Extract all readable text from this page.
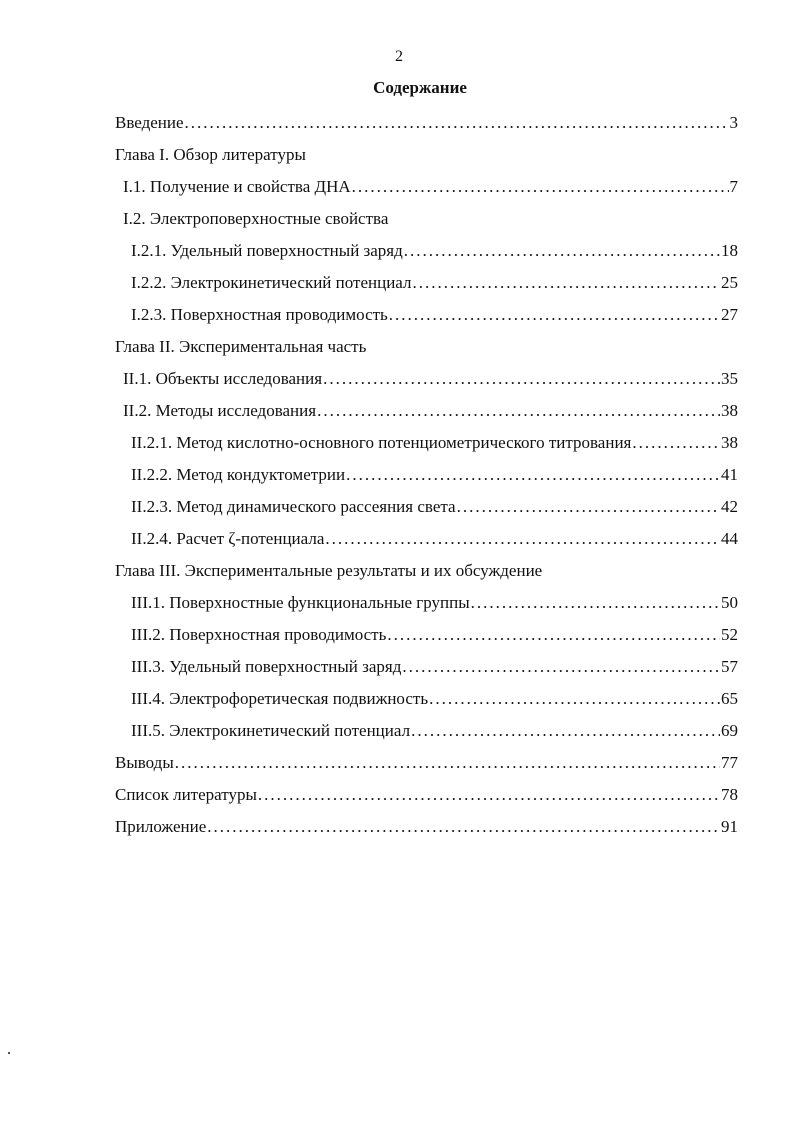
2
Содержание
Введение .....	3
Глава I. Обзор литературы
I.1. Получение и свойства ДНА .....	7
I.2. Электроповерхностные свойства
I.2.1. Удельный поверхностный заряд .....	18
I.2.2. Электрокинетический потенциал .....	25
I.2.3. Поверхностная проводимость .....	27
Глава II. Экспериментальная часть
II.1. Объекты исследования .....	35
II.2. Методы исследования .....	38
II.2.1. Метод кислотно-основного потенциометрического титрования .....	38
II.2.2. Метод кондуктометрии .....	41
II.2.3. Метод динамического рассеяния света .....	42
II.2.4. Расчет ζ-потенциала .....	44
Глава III. Экспериментальные результаты и их обсуждение
III.1. Поверхностные функциональные группы .....	50
III.2. Поверхностная проводимость .....	52
III.3. Удельный поверхностный заряд .....	57
III.4. Электрофоретическая подвижность .....	65
III.5. Электрокинетический потенциал .....	69
Выводы .....	77
Список литературы .....	78
Приложение .....	91
